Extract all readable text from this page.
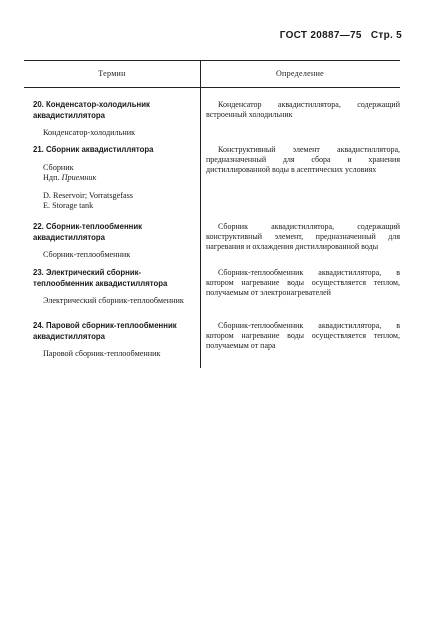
ГОСТ 20887—75 Стр. 5
Термин	Определение
20. Конденсатор-холодильник аквадистиллятора
Конденсатор-холодильник
Конденсатор аквадистиллятора, содержащий встроенный холодильник
21. Сборник аквадистиллятора
Сборник
Ндп. Приемник
D. Reservoir; Vorratsgefass
E. Storage tank
Конструктивный элемент аквадистиллятора, предназначенный для сбора и хранения дистиллированной воды в асептических условиях
22. Сборник-теплообменник аквадистиллятора
Сборник-теплообменник
Сборник аквадистиллятора, содержащий конструктивный элемент, предназначенный для нагревания и охлаждения дистиллированной воды
23. Электрический сборник-теплообменник аквадистиллятора
Электрический сборник-теплообменник
Сборник-теплообменник аквадистиллятора, в котором нагревание воды осуществляется теплом, получаемым от электронагревателей
24. Паровой сборник-теплообменник аквадистиллятора
Паровой сборник-теплообменник
Сборник-теплообменник аквадистиллятора, в котором нагревание воды осуществляется теплом, получаемым от пара
